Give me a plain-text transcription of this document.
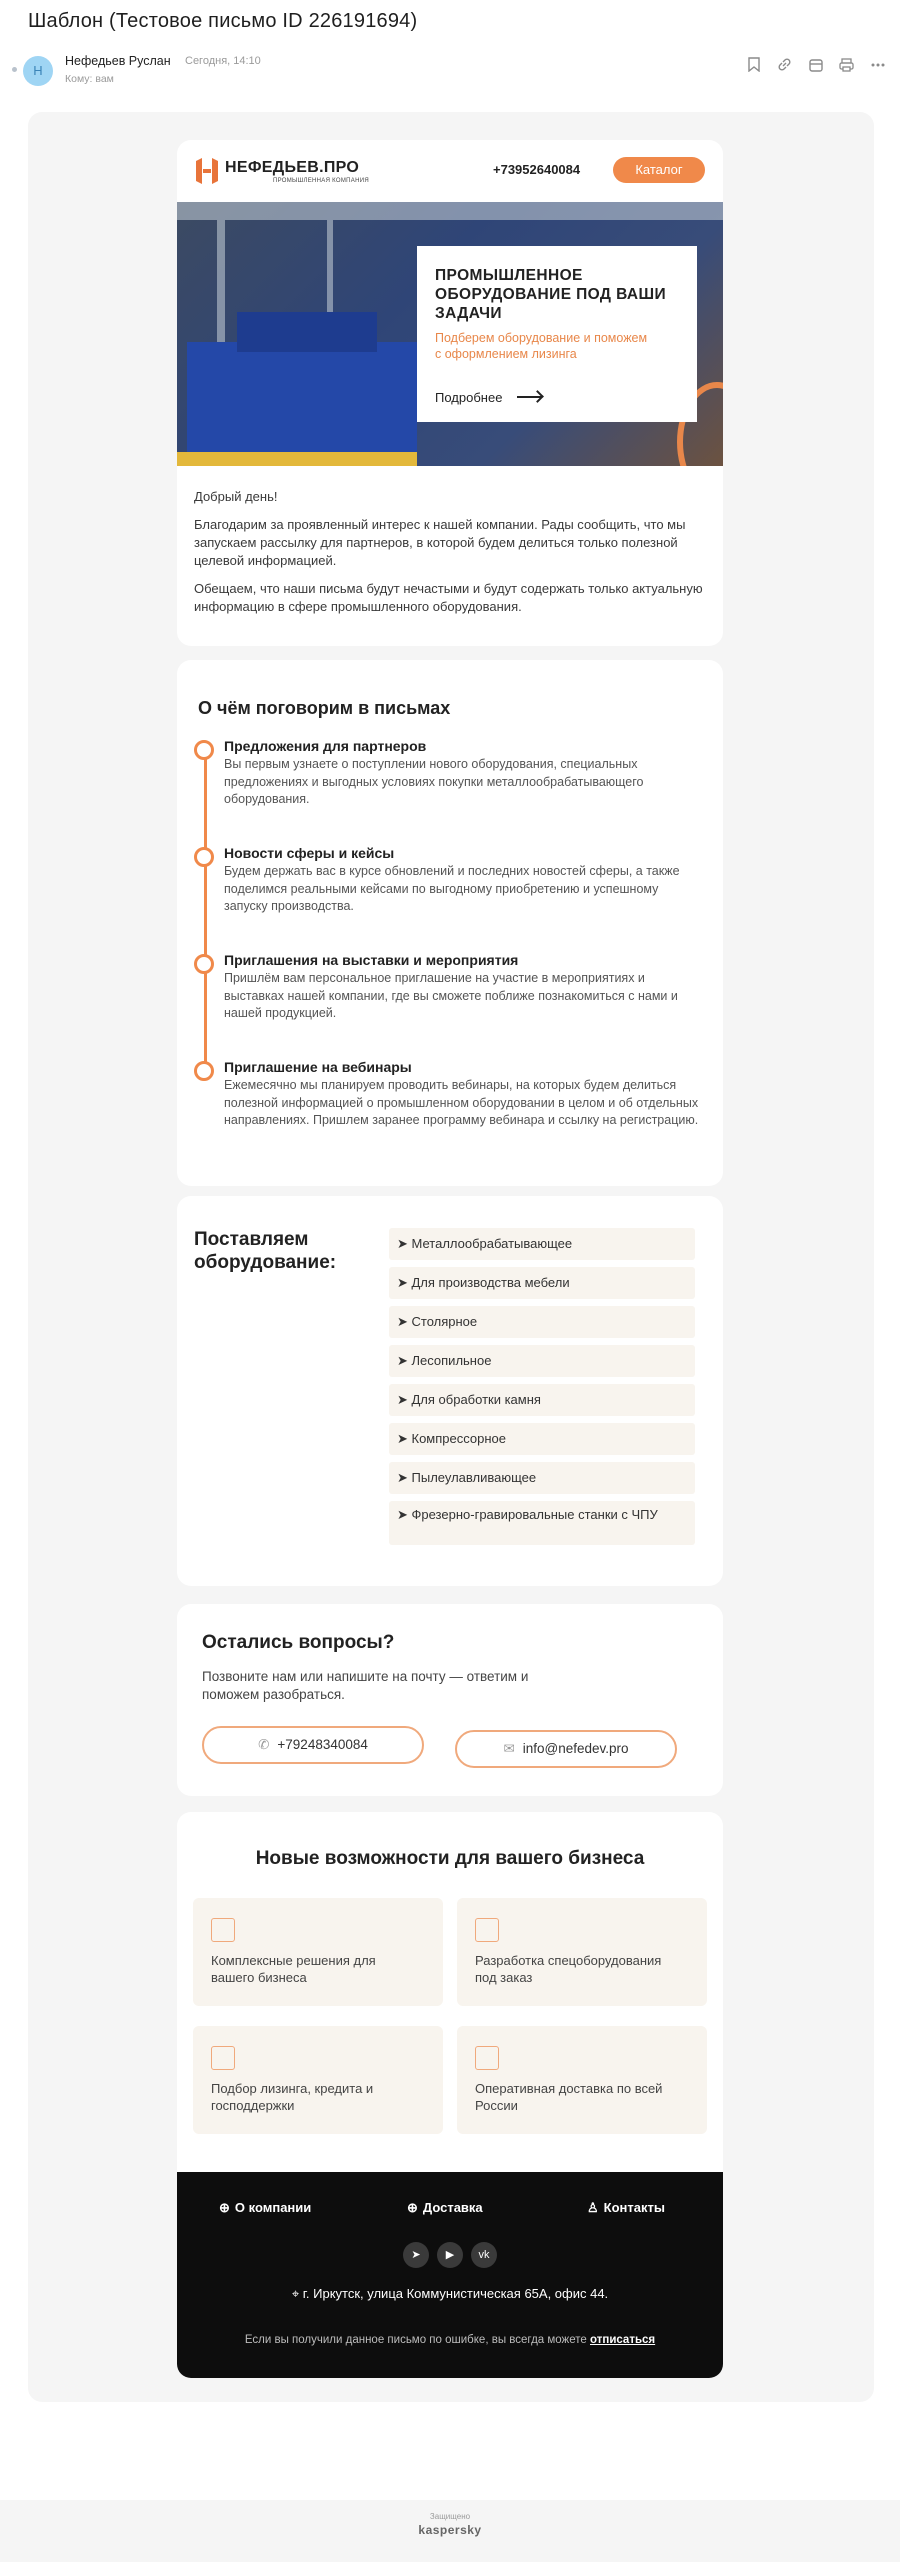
Шаблон (Тестовое письмо ID 226191694)
Н
Нефедьев Руслан Сегодня, 14:10
Кому: вам
НЕФЕДЬЕВ.ПРО
ПРОМЫШЛЕННАЯ КОМПАНИЯ
+73952640084	Каталог
ПРОМЫШЛЕННОЕ ОБОРУДОВАНИЕ ПОД ВАШИ ЗАДАЧИ
Подберем оборудование и поможем с оформлением лизинга
Подробнее

Добрый день!

Благодарим за проявленный интерес к нашей компании. Рады сообщить, что мы запускаем рассылку для партнеров, в которой будем делиться только полезной целевой информацией.

Обещаем, что наши письма будут нечастыми и будут содержать только актуальную информацию в сфере промышленного оборудования.

О чём поговорим в письмах
Предложения для партнеров
Вы первым узнаете о поступлении нового оборудования, специальных предложениях и выгодных условиях покупки металлообрабатывающего оборудования.
Новости сферы и кейсы
Будем держать вас в курсе обновлений и последних новостей сферы, а также поделимся реальными кейсами по выгодному приобретению и успешному запуску производства.
Приглашения на выставки и мероприятия
Пришлём вам персональное приглашение на участие в мероприятиях и выставках нашей компании, где вы сможете поближе познакомиться с нами и нашей продукцией.
Приглашение на вебинары
Ежемесячно мы планируем проводить вебинары, на которых будем делиться полезной информацией о промышленном оборудовании в целом и об отдельных направлениях. Пришлем заранее программу вебинара и ссылку на регистрацию.
Поставляем оборудование:
➤ Металлообрабатывающее
➤ Для производства мебели
➤ Столярное
➤ Лесопильное
➤ Для обработки камня
➤ Компрессорное
➤ Пылеулавливающее
➤ Фрезерно-гравировальные станки с ЧПУ
Остались вопросы?
Позвоните нам или напишите на почту — ответим и поможем разобраться.
✆ +79248340084	✉ info@nefedev.pro
Новые возможности для вашего бизнеса
Комплексные решения для вашего бизнеса
Разработка спецоборудования под заказ
Подбор лизинга, кредита и господдержки
Оперативная доставка по всей России
⊕ О компании	⊕ Доставка	♙ Контакты
➤	▶	vk
⌖ г. Иркутск, улица Коммунистическая 65А, офис 44.
Если вы получили данное письмо по ошибке, вы всегда можете отписаться
Защищено
kaspersky
